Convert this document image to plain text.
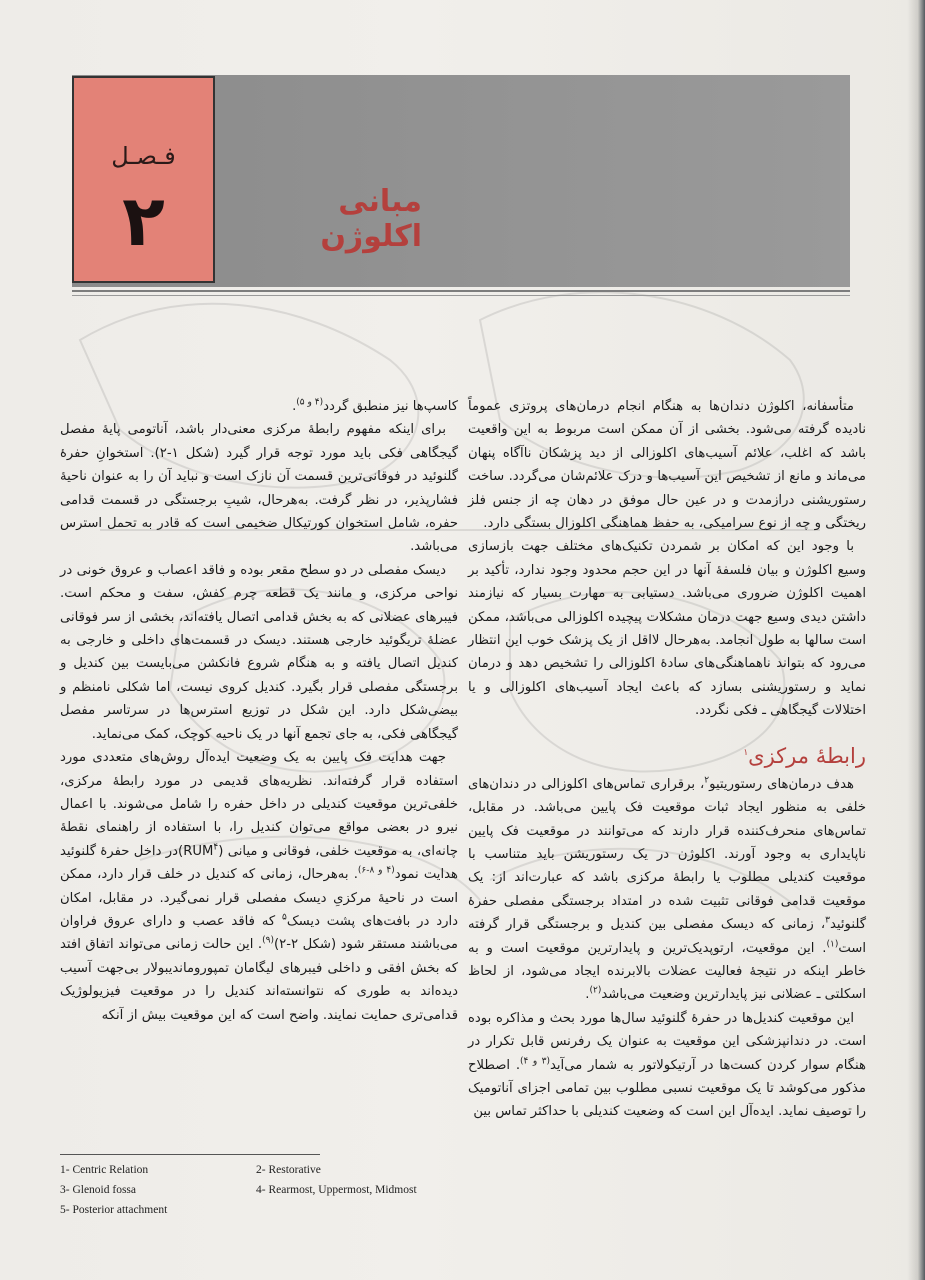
فـصـل
۲	مبانی اکلوژن

متأسفانه، اکلوژن دندان‌ها به هنگام انجام درمان‌های پروتزی عموماً نادیده گرفته می‌شود. بخشی از آن ممکن است مربوط به این واقعیت باشد که اغلب، علائم آسیب‌های اکلوزالی از دید پزشکان ناآگاه پنهان می‌ماند و مانع از تشخیص این آسیب‌ها و درک علائم‌شان می‌گردد. ساخت رستوریشنی درازمدت و در عین حال موفق در دهان چه از جنس فلز ریختگی و چه از نوع سرامیکی، به حفظ هماهنگی اکلوزال بستگی دارد.

با وجود این که امکان بر شمردن تکنیک‌های مختلف جهت بازسازی وسیع اکلوژن و بیان فلسفهٔ آنها در این حجم محدود وجود ندارد، تأکید بر اهمیت اکلوژن ضروری می‌باشد. دستیابی به مهارت بسیار که نیازمند داشتن دیدی وسیع جهت درمان مشکلات پیچیده اکلوزالی می‌باشد، ممکن است سالها به طول انجامد. به‌هرحال لااقل از یک پزشک خوب این انتظار می‌رود که بتواند ناهماهنگی‌های سادهٔ اکلوزالی را تشخیص دهد و درمان نماید و رستوریشنی بسازد که باعث ایجاد آسیب‌های اکلوزالی و یا اختلالات گیجگاهی ـ فکی نگردد.

رابطهٔ مرکزی$^۱$

هدف درمان‌های رستوریتیو$^۲$، برقراری تماس‌های اکلوزالی در دندان‌های خلفی به منظور ایجاد ثبات موقعیت فک پایین می‌باشد. در مقابل، تماس‌های منحرف‌کننده قرار دارند که می‌توانند در موقعیت فک پایین ناپایداری به وجود آورند. اکلوژن در یک رستوریشن باید متناسب با موقعیت کندیلی مطلوب یا رابطهٔ مرکزی باشد که عبارت‌اند از: یک موقعیت قدامی فوقانی تثبیت شده در امتداد برجستگی مفصلی حفرهٔ گلنوئید$^۳$، زمانی که دیسک مفصلی بین کندیل و برجستگی قرار گرفته است$^{(۱)}$. این موقعیت، ارتوپدیک‌ترین و پایدارترین موقعیت است و به خاطر اینکه در نتیجهٔ فعالیت عضلات بالابرنده ایجاد می‌شود، از لحاظ اسکلتی ـ عضلانی نیز پایدارترین وضعیت می‌باشد$^{(۲)}$.

این موقعیت کندیل‌ها در حفرهٔ گلنوئید سال‌ها مورد بحث و مذاکره بوده است. در دندانپزشکی این موقعیت به عنوان یک رفرنس قابل تکرار در هنگام سوار کردن کست‌ها در آرتیکولاتور به شمار می‌آید$^{(۳ و ۴)}$. اصطلاح مذکور می‌کوشد تا یک موقعیت نسبی مطلوب بین تمامی اجزای آناتومیک را توصیف نماید. ایده‌آل این است که وضعیت کندیلی با حداکثر تماس بین

کاسپ‌ها نیز منطبق گردد$^{(۴ و ۵)}$.

برای اینکه مفهوم رابطهٔ مرکزی معنی‌دار باشد، آناتومی پایهٔ مفصل گیجگاهی فکی باید مورد توجه قرار گیرد (شکل ۱-۲). استخوانِ حفرهٔ گلنوئید در فوقانی‌ترین قسمت آن نازک است و نباید آن را به عنوان ناحیهٔ فشارپذیر، در نظر گرفت. به‌هرحال، شیبِ برجستگی در قسمت قدامی حفره، شامل استخوان کورتیکال ضخیمی است که قادر به تحمل استرس می‌باشد.

دیسک مفصلی در دو سطح مقعر بوده و فاقد اعصاب و عروق خونی در نواحی مرکزی، و مانند یک قطعه چرم کفش، سفت و محکم است. فیبرهای عضلانی که به بخش قدامی اتصال یافته‌اند، بخشی از سر فوقانی عضلهٔ تریگوئید خارجی هستند. دیسک در قسمت‌های داخلی و خارجی به کندیل اتصال یافته و به هنگام شروع فانکشن می‌بایست بین کندیل و برجستگی مفصلی قرار بگیرد. کندیل کروی نیست، اما شکلی نامنظم و بیضی‌شکل دارد. این شکل در توزیع استرس‌ها در سرتاسر مفصل گیجگاهی فکی، به جای تجمع آنها در یک ناحیه کوچک، کمک می‌نماید.

جهت هدایت فک پایین به یک وضعیت ایده‌آل روش‌های متعددی مورد استفاده قرار گرفته‌اند. نظریه‌های قدیمی در مورد رابطهٔ مرکزی، خلفی‌ترین موقعیت کندیلی در داخل حفره را شامل می‌شوند. با اعمال نیرو در بعضی مواقع می‌توان کندیل را، با استفاده از راهنمای نقطهٔ چانه‌ای، به موقعیت خلفی، فوقانی و میانی (RUM$^۴$)در داخل حفرهٔ گلنوئید هدایت نمود$^{(۴ و ۸-۶)}$. به‌هرحال، زمانی که کندیل در خلف قرار دارد، ممکن است در ناحیهٔ مرکزیِ دیسک مفصلی قرار نمی‌گیرد. در مقابل، امکان دارد در بافت‌های پشت دیسک$^۵$ که فاقد عصب و دارای عروق فراوان می‌باشند مستقر شود (شکل ۲-۲)$^{(۹)}$. این حالت زمانی می‌تواند اتفاق افتد که بخش افقی و داخلی فیبرهای لیگامان تمپوروماندیبولار بی‌جهت آسیب دیده‌اند به طوری که نتوانسته‌اند کندیل را در موقعیت فیزیولوژیک قدامی‌تری حمایت نمایند. واضح است که این موقعیت بیش از آنکه

1- Centric Relation	2- Restorative
3- Glenoid fossa	4- Rearmost, Uppermost, Midmost
5- Posterior attachment
